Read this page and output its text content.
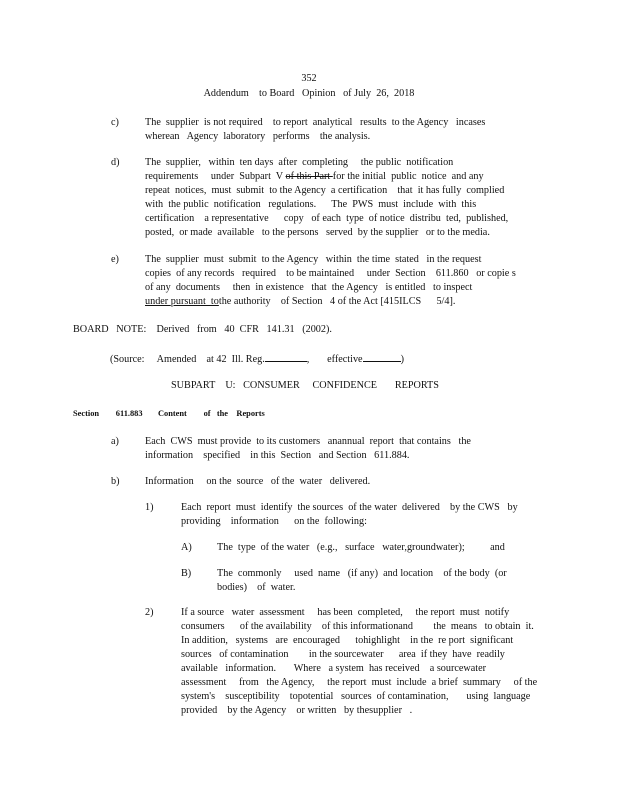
352
Addendum    to Board   Opinion   of July  26,  2018
c)	The  supplier  is not required    to report  analytical   results  to the Agency   incases
wherean   Agency  laboratory   performs    the analysis.
d)	The  supplier,   within  ten days  after  completing     the public  notification
requirements     under  Subpart  V of this Part for the initial  public  notice  and any
repeat  notices,  must  submit  to the Agency  a certification    that  it has fully  complied
with  the public  notification   regulations.      The  PWS  must  include  with  this
certification    a representative      copy   of each  type  of notice  distribu  ted,  published,
posted,  or made  available   to the persons   served  by the supplier   or to the media.
e)	The  supplier  must  submit  to the Agency   within  the time  stated   in the request
copies  of any records   required    to be maintained     under  Section    611.860   or copie s
of any  documents     then  in existence   that  the Agency   is entitled   to inspect
under pursuant  tothe authority    of Section   4 of the Act [415ILCS      5/4].
BOARD   NOTE:    Derived   from   40  CFR   141.31   (2002).
(Source:     Amended    at 42  Ill. Reg.	,       effective	)
SUBPART    U:   CONSUMER     CONFIDENCE       REPORTS
Section        611.883 Content        of   the    Reports
a)	Each  CWS  must provide  to its customers   anannual  report  that contains   the
information    specified    in this  Section   and Section   611.884.
b)	Information     on the  source   of the  water   delivered.
1)	Each  report  must  identify  the sources  of the water  delivered    by the CWS   by
providing    information      on the  following:
A) The  type  of the water   (e.g.,   surface   water,groundwater);          and
B)	The  commonly     used  name   (if any)  and location    of the body  (or
bodies)    of  water.
2)	If a source   water  assessment     has been  completed,     the report  must  notify
consumers      of the availability    of this informationand        the  means   to obtain  it.
In addition,   systems   are  encouraged      tohighlight    in the  re port  significant
sources   of contamination        in the sourcewater      area  if they  have  readily
available   information.       Where   a system  has received    a sourcewater
assessment     from   the Agency,     the report  must  include  a brief  summary     of the
system's    susceptibility    topotential   sources  of contamination,       using  language
provided    by the Agency    or written   by thesupplier   .
